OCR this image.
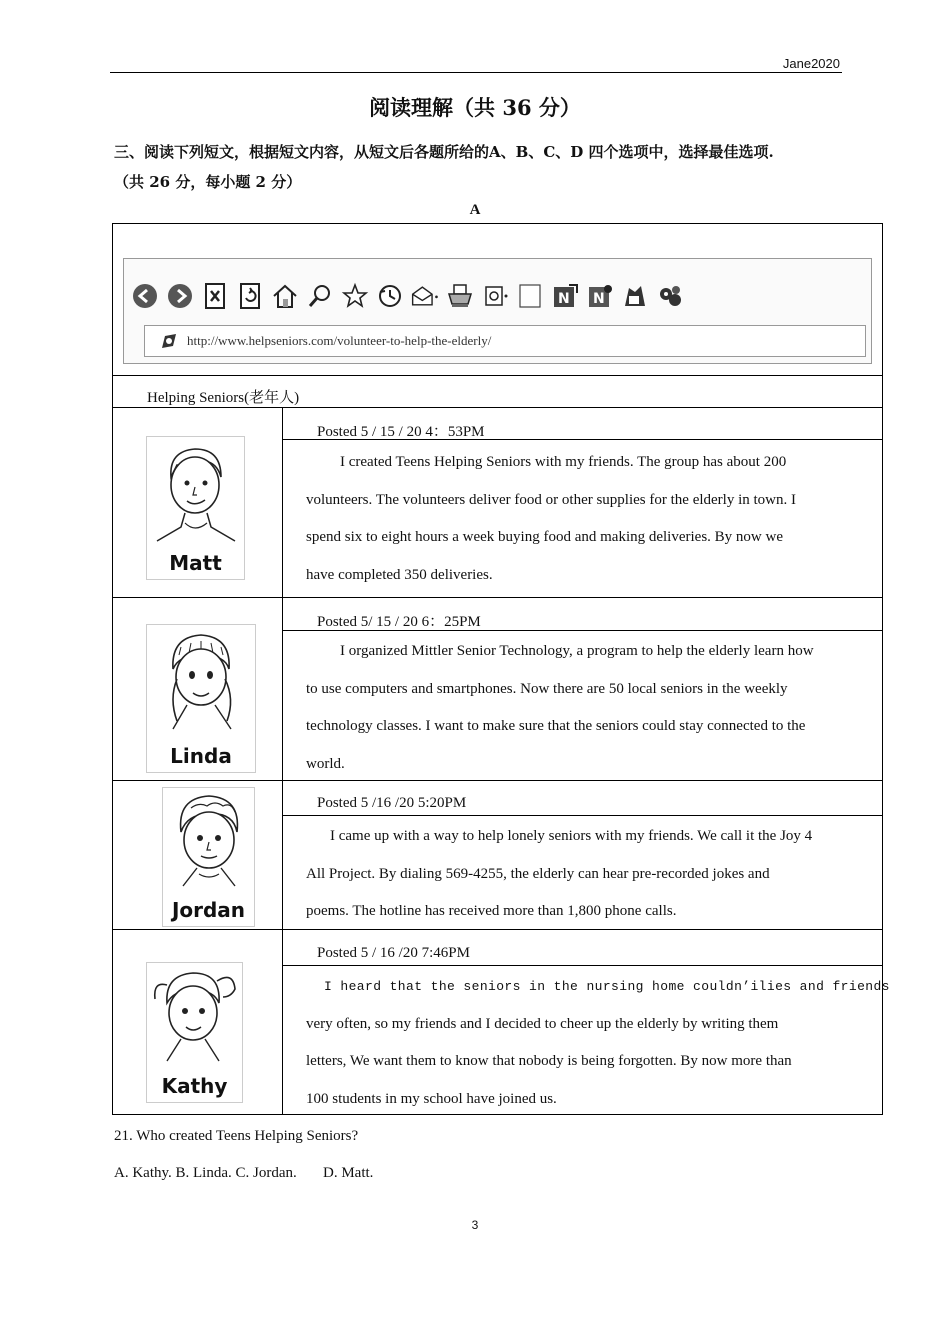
Jane2020
阅读理解（共 36 分）
三、阅读下列短文，根据短文内容，从短文后各题所给的A、B、C、D 四个选项中，选择最佳选项.
（共 26 分，每小题 2 分）
A
N N
http://www.helpseniors.com/volunteer-to-help-the-elderly/
Helping Seniors(老年人)
Posted 5 / 15 / 20 4：53PM
I created Teens Helping Seniors with my friends. The group has about 200
volunteers. The volunteers deliver food or other supplies for the elderly in town. I
spend six to eight hours a week buying food and making deliveries. By now we
have completed 350 deliveries.
Matt
Posted 5/ 15 / 20 6：25PM
I organized Mittler Senior Technology, a program to help the elderly learn how
to use computers and smartphones. Now there are 50 local seniors in the weekly
technology classes. I want to make sure that the seniors could stay connected to the
world.
Linda
Posted 5 /16 /20 5:20PM
I came up with a way to help lonely seniors with my friends. We call it the Joy 4
All Project. By dialing 569-4255, the elderly can hear pre-recorded jokes and
poems. The hotline has received more than 1,800 phone calls.
Jordan
Posted 5 / 16 /20 7:46PM
I heard that the seniors in the nursing home couldn’ilies and friends
very often, so my friends and I decided to cheer up the elderly by writing them
letters, We want them to know that nobody is being forgotten. By now more than
100 students in my school have joined us.
Kathy
21. Who created Teens Helping Seniors?
A. Kathy. B. Linda. C. Jordan.       D. Matt.
3
